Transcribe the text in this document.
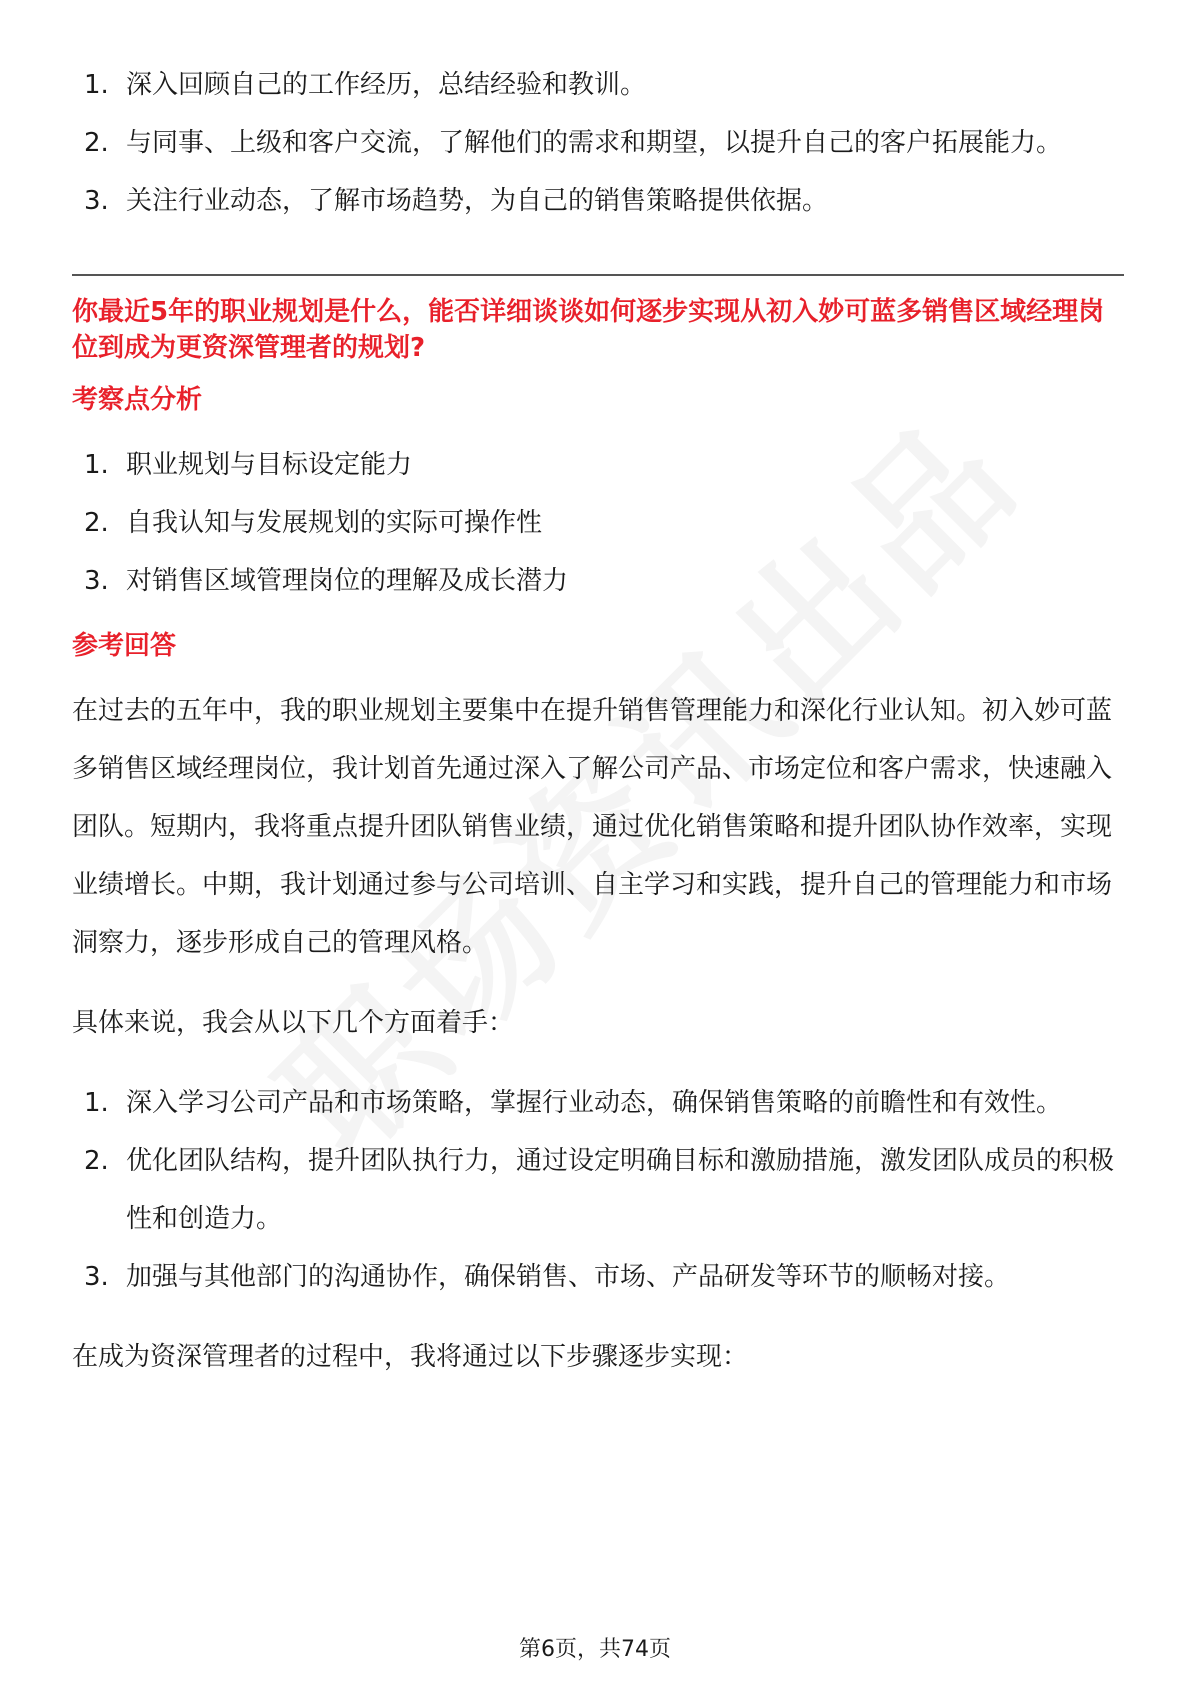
1. 深入回顾自己的工作经历，总结经验和教训。
2. 与同事、上级和客户交流，了解他们的需求和期望，以提升自己的客户拓展能力。
3. 关注行业动态，了解市场趋势，为自己的销售策略提供依据。
你最近5年的职业规划是什么，能否详细谈谈如何逐步实现从初入妙可蓝多销售区域经理岗位到成为更资深管理者的规划?
考察点分析
1. 职业规划与目标设定能力
2. 自我认知与发展规划的实际可操作性
3. 对销售区域管理岗位的理解及成长潜力
参考回答

在过去的五年中，我的职业规划主要集中在提升销售管理能力和深化行业认知。初入妙可蓝多销售区域经理岗位，我计划首先通过深入了解公司产品、市场定位和客户需求，快速融入团队。短期内，我将重点提升团队销售业绩，通过优化销售策略和提升团队协作效率，实现业绩增长。中期，我计划通过参与公司培训、自主学习和实践，提升自己的管理能力和市场洞察力，逐步形成自己的管理风格。

具体来说，我会从以下几个方面着手：

1. 深入学习公司产品和市场策略，掌握行业动态，确保销售策略的前瞻性和有效性。
2. 优化团队结构，提升团队执行力，通过设定明确目标和激励措施，激发团队成员的积极性和创造力。
3. 加强与其他部门的沟通协作，确保销售、市场、产品研发等环节的顺畅对接。

在成为资深管理者的过程中，我将通过以下步骤逐步实现：

第6页，共74页
